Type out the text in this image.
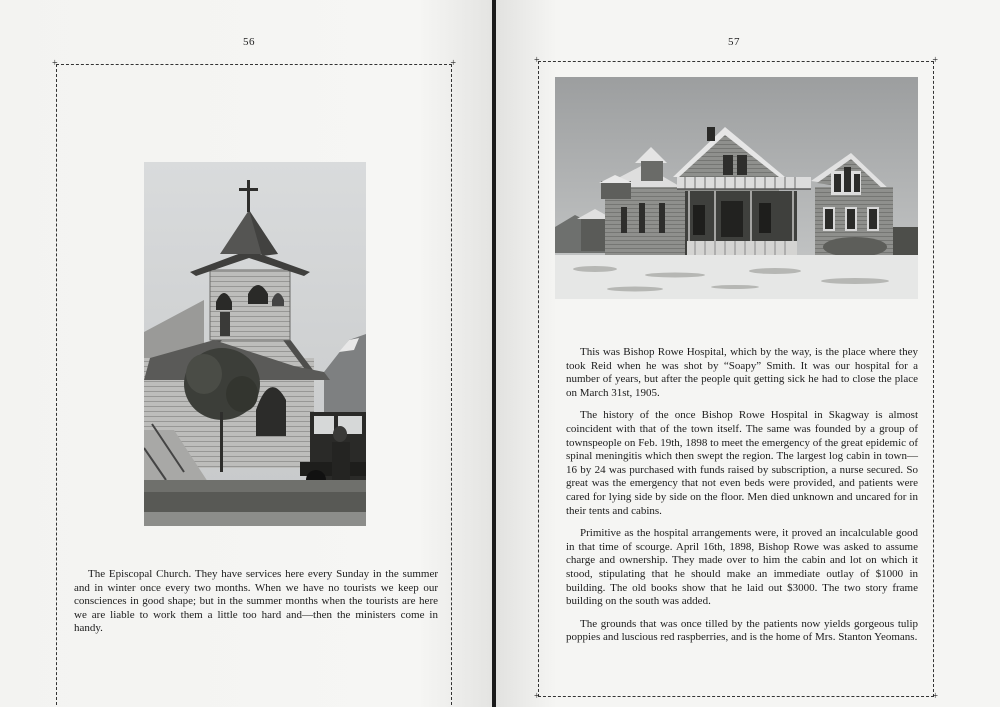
56
+	+
The Episcopal Church. They have services here every Sunday in the summer and in winter once every two months. When we have no tourists we keep our consciences in good shape; but in the summer months when the tourists are here we are liable to work them a little too hard and—then the ministers come in handy.
57
+	+
+	+

This was Bishop Rowe Hospital, which by the way, is the place where they took Reid when he was shot by “Soapy” Smith. It was our hospital for a number of years, but after the people quit getting sick he had to close the place on March 31st, 1905.

The history of the once Bishop Rowe Hospital in Skagway is almost coincident with that of the town itself. The same was founded by a group of townspeople on Feb. 19th, 1898 to meet the emergency of the great epidemic of spinal meningitis which then swept the region. The largest log cabin in town—16 by 24 was purchased with funds raised by subscription, a nurse secured. So great was the emergency that not even beds were provided, and patients were cared for lying side by side on the floor. Men died unknown and uncared for in their tents and cabins.

Primitive as the hospital arrangements were, it proved an incalculable good in that time of scourge. April 16th, 1898, Bishop Rowe was asked to assume charge and ownership. They made over to him the cabin and lot on which it stood, stipulating that he should make an immediate outlay of $1000 in building. The old books show that he laid out $3000. The two story frame building on the south was added.

The grounds that was once tilled by the patients now yields gorgeous tulip poppies and luscious red raspberries, and is the home of Mrs. Stanton Yeomans.
